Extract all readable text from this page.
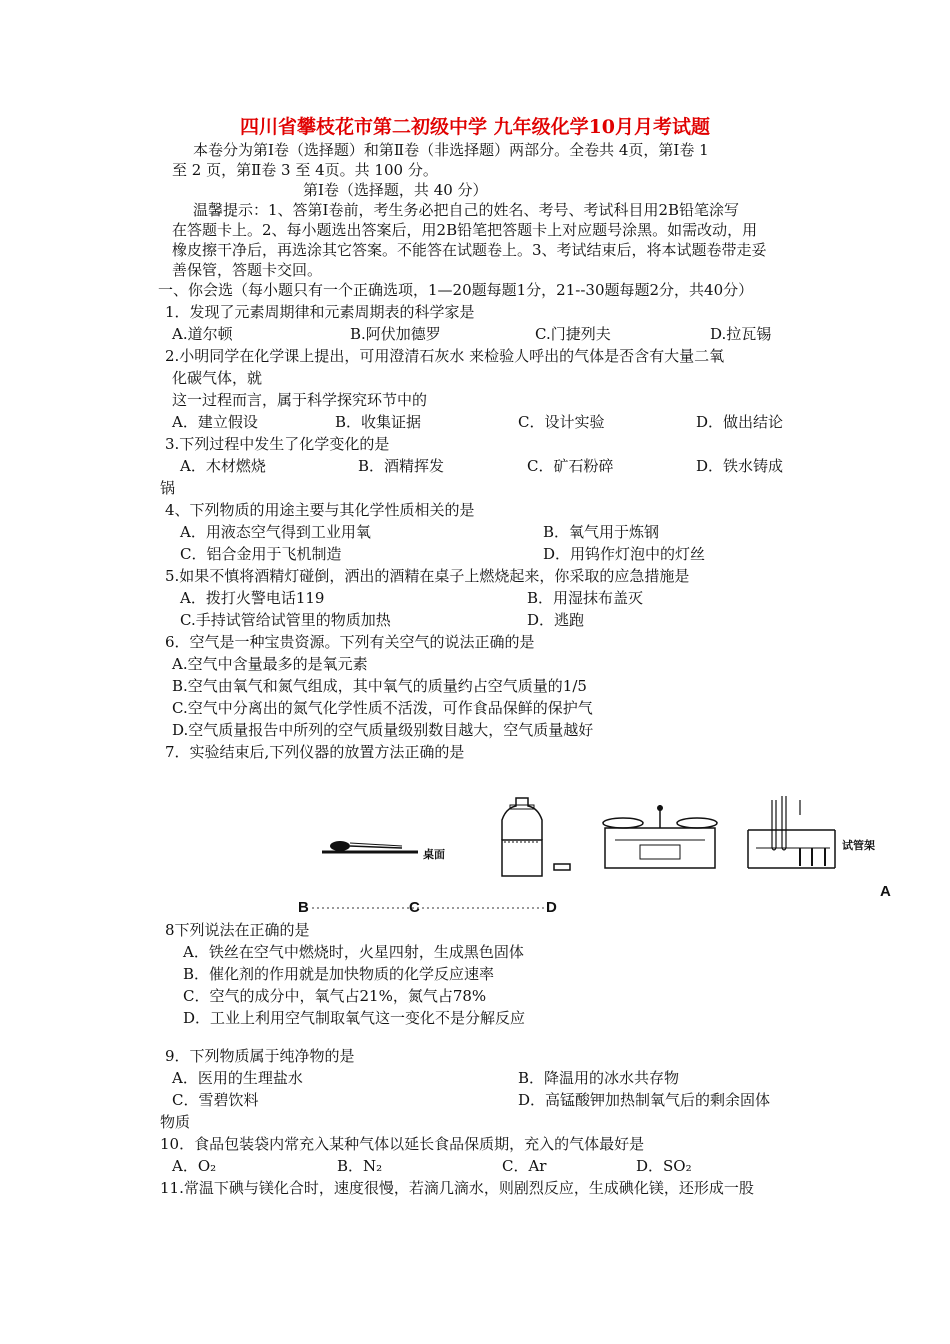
四川省攀枝花市第二初级中学 九年级化学10月月考试题
本卷分为第Ⅰ卷（选择题）和第Ⅱ卷（非选择题）两部分。全卷共 4页，第Ⅰ卷 1
至 2 页，第Ⅱ卷 3 至 4页。共 100 分。
第Ⅰ卷（选择题，共 40 分）
温馨提示：1、答第Ⅰ卷前，考生务必把自己的姓名、考号、考试科目用2B铅笔涂写
在答题卡上。2、每小题选出答案后，用2B铅笔把答题卡上对应题号涂黑。如需改动，用
橡皮擦干净后，再选涂其它答案。不能答在试题卷上。3、考试结束后，将本试题卷带走妥
善保管，答题卡交回。
一、你会选（每小题只有一个正确选项，1—20题每题1分，21--30题每题2分，共40分）
1．发现了元素周期律和元素周期表的科学家是
A.道尔顿	B.阿伏加德罗	C.门捷列夫	D.拉瓦锡
2.小明同学在化学课上提出，可用澄清石灰水 来检验人呼出的气体是否含有大量二氧
化碳气体，就
这一过程而言，属于科学探究环节中的
A．建立假设	B．收集证据	C．设计实验	D．做出结论
3.下列过程中发生了化学变化的是
A．木材燃烧	B．酒精挥发	C．矿石粉碎	D．铁水铸成
锅
4、下列物质的用途主要与其化学性质相关的是
A．用液态空气得到工业用氧	B．氧气用于炼钢
C．铝合金用于飞机制造	D．用钨作灯泡中的灯丝
5.如果不慎将酒精灯碰倒，洒出的酒精在桌子上燃烧起来，你采取的应急措施是
A．拨打火警电话119	B．用湿抹布盖灭
C.手持试管给试管里的物质加热	D．逃跑
6．空气是一种宝贵资源。下列有关空气的说法正确的是
A.空气中含量最多的是氧元素
B.空气由氧气和氮气组成，其中氧气的质量约占空气质量的1/5
C.空气中分离出的氮气化学性质不活泼，可作食品保鲜的保护气
D.空气质量报告中所列的空气质量级别数目越大，空气质量越好
7．实验结束后,下列仪器的放置方法正确的是
桌面
试管架
A
B	C	D
8下列说法在正确的是
A．铁丝在空气中燃烧时，火星四射，生成黑色固体
B．催化剂的作用就是加快物质的化学反应速率
C．空气的成分中，氧气占21%，氮气占78%
D．工业上利用空气制取氧气这一变化不是分解反应
9．下列物质属于纯净物的是
A．医用的生理盐水	B．降温用的冰水共存物
C．雪碧饮料	D．高锰酸钾加热制氧气后的剩余固体
物质
10．食品包装袋内常充入某种气体以延长食品保质期，充入的气体最好是
A．O₂	B．N₂	C．Ar	D．SO₂
11.常温下碘与镁化合时，速度很慢，若滴几滴水，则剧烈反应，生成碘化镁，还形成一股
